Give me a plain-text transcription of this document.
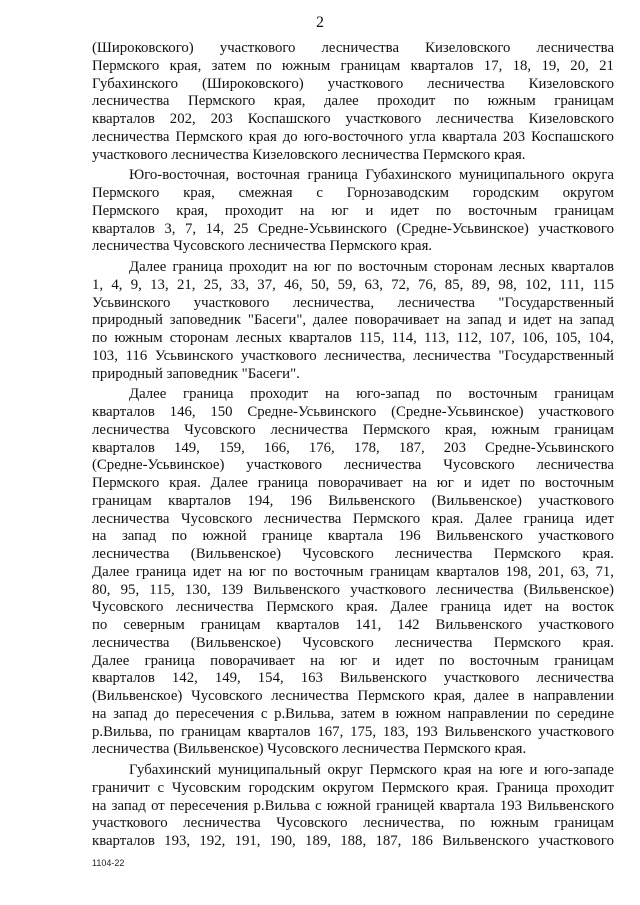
2
(Широковского) участкового лесничества Кизеловского лесничества
Пермского края, затем по южным границам кварталов 17, 18, 19, 20, 21
Губахинского (Широковского) участкового лесничества Кизеловского
лесничества Пермского края, далее проходит по южным границам
кварталов 202, 203 Коспашского участкового лесничества Кизеловского
лесничества Пермского края до юго-восточного угла квартала 203 Коспашского
участкового лесничества Кизеловского лесничества Пермского края.
Юго-восточная, восточная граница Губахинского муниципального округа
Пермского края, смежная с Горнозаводским городским округом
Пермского края, проходит на юг и идет по восточным границам
кварталов 3, 7, 14, 25 Средне-Усьвинского (Средне-Усьвинское) участкового
лесничества Чусовского лесничества Пермского края.
Далее граница проходит на юг по восточным сторонам лесных кварталов
1, 4, 9, 13, 21, 25, 33, 37, 46, 50, 59, 63, 72, 76, 85, 89, 98, 102, 111, 115
Усьвинского участкового лесничества, лесничества "Государственный
природный заповедник "Басеги", далее поворачивает на запад и идет на запад
по южным сторонам лесных кварталов 115, 114, 113, 112, 107, 106, 105, 104,
103, 116 Усьвинского участкового лесничества, лесничества "Государственный
природный заповедник "Басеги".
Далее граница проходит на юго-запад по восточным границам
кварталов 146, 150 Средне-Усьвинского (Средне-Усьвинское) участкового
лесничества Чусовского лесничества Пермского края, южным границам
кварталов 149, 159, 166, 176, 178, 187, 203 Средне-Усьвинского
(Средне-Усьвинское) участкового лесничества Чусовского лесничества
Пермского края. Далее граница поворачивает на юг и идет по восточным
границам кварталов 194, 196 Вильвенского (Вильвенское) участкового
лесничества Чусовского лесничества Пермского края. Далее граница идет
на запад по южной границе квартала 196 Вильвенского участкового
лесничества (Вильвенское) Чусовского лесничества Пермского края.
Далее граница идет на юг по восточным границам кварталов 198, 201, 63, 71,
80, 95, 115, 130, 139 Вильвенского участкового лесничества (Вильвенское)
Чусовского лесничества Пермского края. Далее граница идет на восток
по северным границам кварталов 141, 142 Вильвенского участкового
лесничества (Вильвенское) Чусовского лесничества Пермского края.
Далее граница поворачивает на юг и идет по восточным границам
кварталов 142, 149, 154, 163 Вильвенского участкового лесничества
(Вильвенское) Чусовского лесничества Пермского края, далее в направлении
на запад до пересечения с р.Вильва, затем в южном направлении по середине
р.Вильва, по границам кварталов 167, 175, 183, 193 Вильвенского участкового
лесничества (Вильвенское) Чусовского лесничества Пермского края.
Губахинский муниципальный округ Пермского края на юге и юго-западе
граничит с Чусовским городским округом Пермского края. Граница проходит
на запад от пересечения р.Вильва с южной границей квартала 193 Вильвенского
участкового лесничества Чусовского лесничества, по южным границам
кварталов 193, 192, 191, 190, 189, 188, 187, 186 Вильвенского участкового
1104-22
